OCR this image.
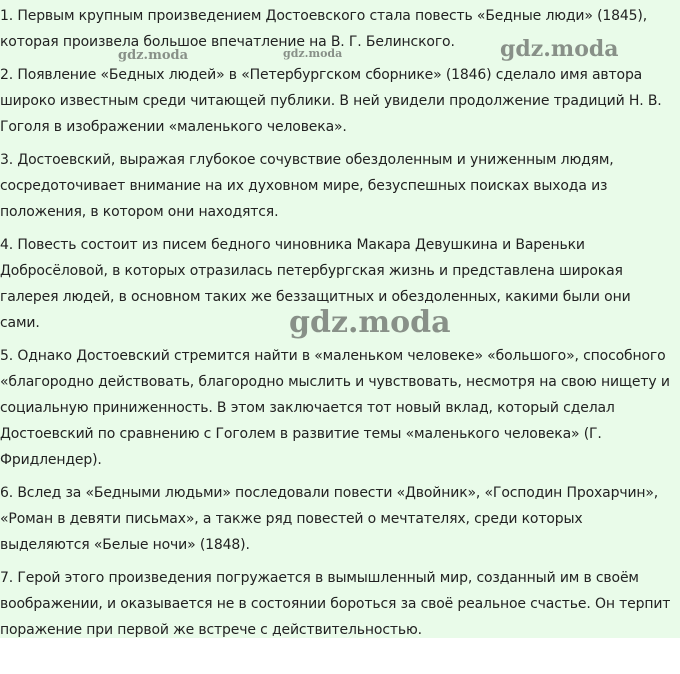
1. Первым крупным произведением Достоевского стала повесть «Бедные люди» (1845), которая произвела большое впечатление на В. Г. Белинского.

2. Появление «Бедных людей» в «Петербургском сборнике» (1846) сделало имя автора широко известным среди читающей публики. В ней увидели продолжение традиций Н. В. Гоголя в изображении «маленького человека».

3. Достоевский, выражая глубокое сочувствие обездоленным и униженным людям, сосредоточивает внимание на их духовном мире, безуспешных поисках выхода из положения, в котором они находятся.

4. Повесть состоит из писем бедного чиновника Макара Девушкина и Вареньки Добросёловой, в которых отразилась петербургская жизнь и представлена широкая галерея людей, в основном таких же беззащитных и обездоленных, какими были они сами.

5. Однако Достоевский стремится найти в «маленьком человеке» «большого», способного «благородно действовать, благородно мыслить и чувствовать, несмотря на свою нищету и социальную приниженность. В этом заключается тот новый вклад, который сделал Достоевский по сравнению с Гоголем в развитие темы «маленького человека» (Г. Фридлендер).

6. Вслед за «Бедными людьми» последовали повести «Двойник», «Господин Прохарчин», «Роман в девяти письмах», а также ряд повестей о мечтателях, среди которых выделяются «Белые ночи» (1848).

7. Герой этого произведения погружается в вымышленный мир, созданный им в своём воображении, и оказывается не в состоянии бороться за своё реальное счастье. Он терпит поражение при первой же встрече с действительностью.

gdz.moda	gdz.moda	gdz.moda
gdz.moda
